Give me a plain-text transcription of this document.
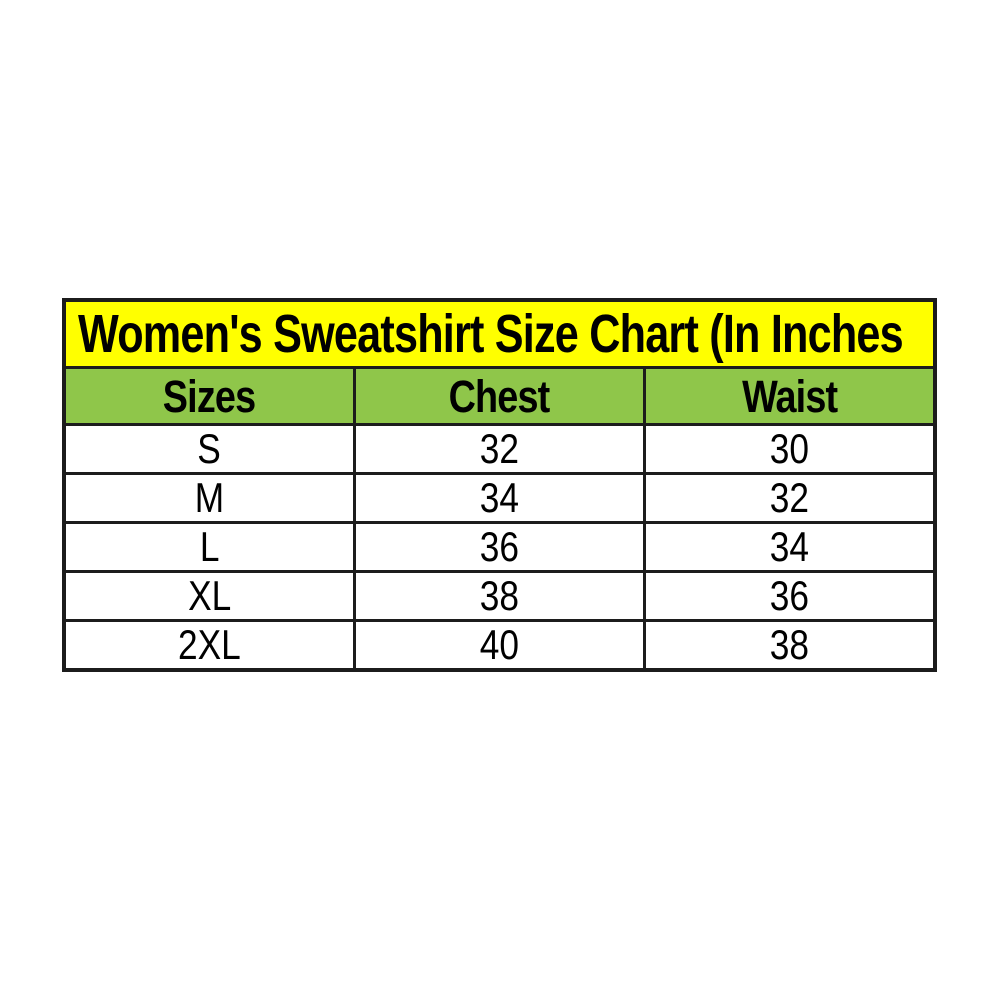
Women's Sweatshirt Size Chart (In Inches		
Sizes	Chest	Waist
S	32	30
M	34	32
L	36	34
XL	38	36
2XL	40	38
